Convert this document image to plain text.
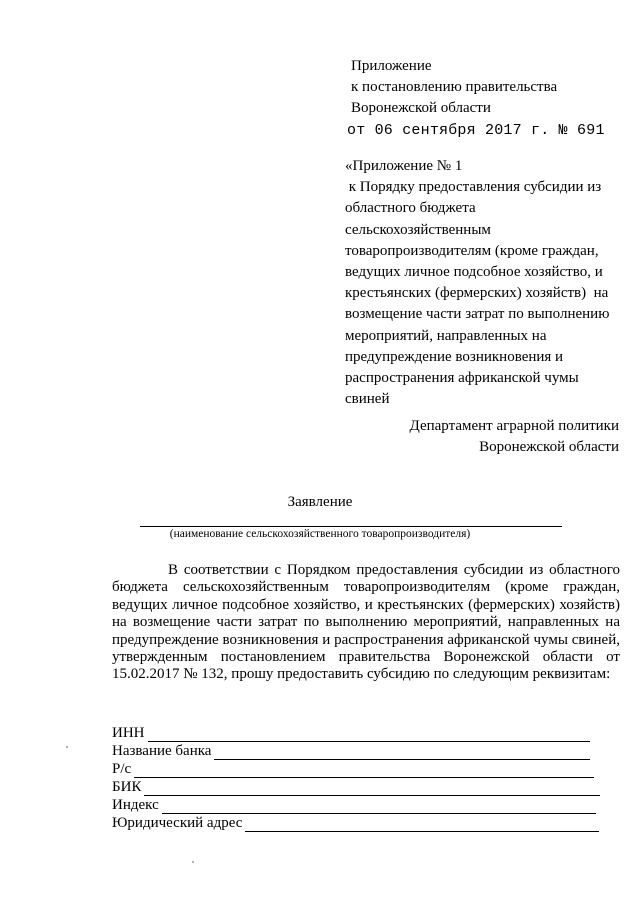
Приложение
к постановлению правительства
Воронежской области
от 06 сентября 2017 г. № 691
«Приложение № 1
к Порядку предоставления субсидии из
областного бюджета
сельскохозяйственным
товаропроизводителям (кроме граждан,
ведущих личное подсобное хозяйство, и
крестьянских (фермерских) хозяйств)  на
возмещение части затрат по выполнению
мероприятий, направленных на
предупреждение возникновения и
распространения африканской чумы
свиней
Департамент аграрной политики
Воронежской области
Заявление
(наименование сельскохозяйственного товаропроизводителя)
В соответствии с Порядком предоставления субсидии из областного бюджета сельскохозяйственным товаропроизводителям (кроме граждан, ведущих личное подсобное хозяйство, и крестьянских (фермерских) хозяйств) на возмещение части затрат по выполнению мероприятий, направленных на предупреждение возникновения и распространения африканской чумы свиней, утвержденным постановлением правительства Воронежской области от 15.02.2017 № 132, прошу предоставить субсидию по следующим реквизитам:
ИНН
Название банка
Р/с
БИК
Индекс
Юридический адрес
